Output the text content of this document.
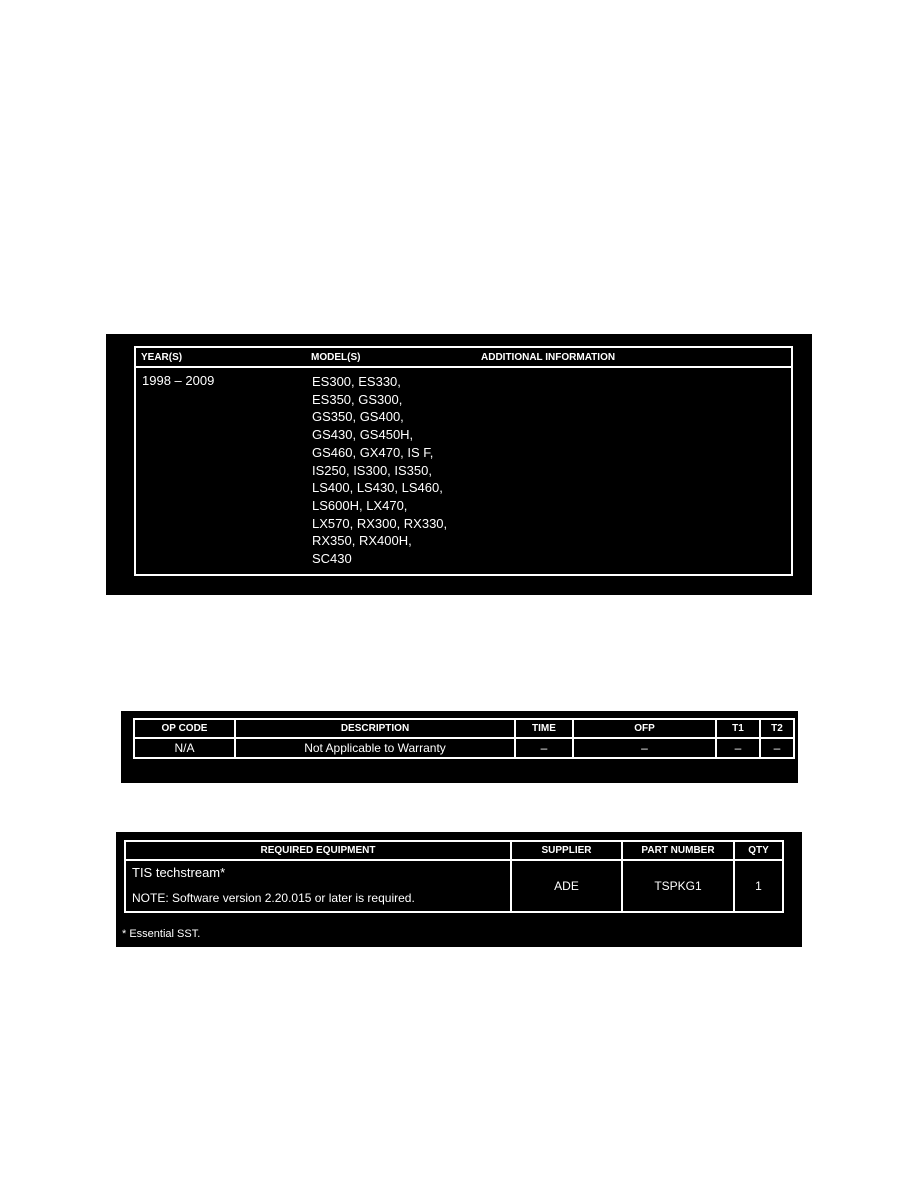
YEAR(S)	MODEL(S)	ADDITIONAL INFORMATION
1998 – 2009	ES300, ES330,
ES350, GS300,
GS350, GS400,
GS430, GS450H,
GS460, GX470, IS F,
IS250, IS300, IS350,
LS400, LS430, LS460,
LS600H, LX470,
LX570, RX300, RX330,
RX350, RX400H,
SC430
OP CODE	DESCRIPTION	TIME	OFP	T1	T2
N/A	Not Applicable to Warranty	–	–	–	–
REQUIRED EQUIPMENT	SUPPLIER	PART NUMBER	QTY

TIS techstream*
NOTE: Software version 2.20.015 or later is required.	ADE	TSPKG1	1
* Essential SST.
